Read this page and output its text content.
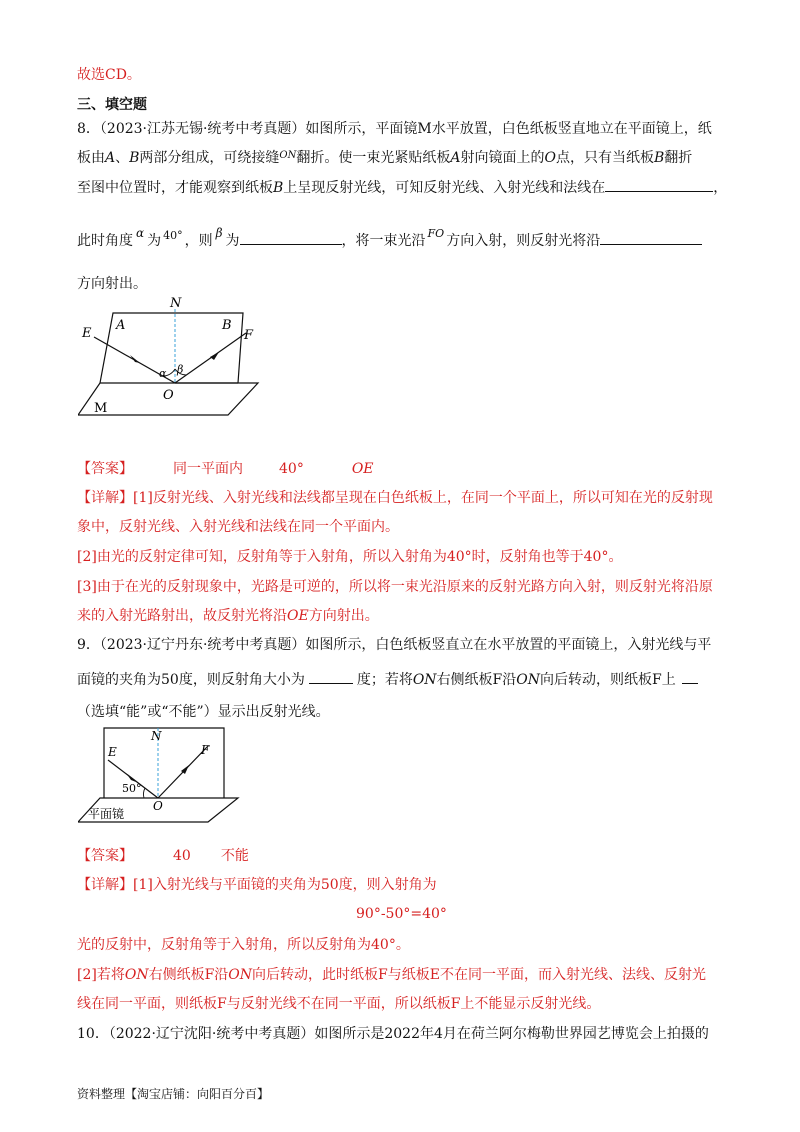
故选CD。
三、填空题
8．（2023·江苏无锡·统考中考真题）如图所示，平面镜M水平放置，白色纸板竖直地立在平面镜上，纸
板由A、B两部分组成，可绕接缝$^{ON}$翻折。使一束光紧贴纸板A射向镜面上的O点，只有当纸板B翻折
至图中位置时，才能观察到纸板B上呈现反射光线，可知反射光线、入射光线和法线在	，
此时角度 α 为 $^{40^\circ}$ ，则 β 为	，将一束光沿 $^{FO}$ 方向入射，则反射光将沿
方向射出。
N
E
A	B
F
O
M
α β
【答案】	同一平面内	40°	OE
【详解】[1]反射光线、入射光线和法线都呈现在白色纸板上，在同一个平面上，所以可知在光的反射现
象中，反射光线、入射光线和法线在同一个平面内。
[2]由光的反射定律可知，反射角等于入射角，所以入射角为40°时，反射角也等于40°。
[3]由于在光的反射现象中，光路是可逆的，所以将一束光沿原来的反射光路方向入射，则反射光将沿原
来的入射光路射出，故反射光将沿OE方向射出。
9．（2023·辽宁丹东·统考中考真题）如图所示，白色纸板竖直立在水平放置的平面镜上，入射光线与平
面镜的夹角为50度，则反射角大小为	度；若将ON右侧纸板F沿ON向后转动，则纸板F上
（选填“能”或“不能”）显示出反射光线。
N
E	F
O
50°
平面镜
【答案】	40 不能
【详解】[1]入射光线与平面镜的夹角为50度，则入射角为
90°-50°=40°
光的反射中，反射角等于入射角，所以反射角为40°。
[2]若将ON右侧纸板F沿ON向后转动，此时纸板F与纸板E不在同一平面，而入射光线、法线、反射光
线在同一平面，则纸板F与反射光线不在同一平面，所以纸板F上不能显示反射光线。
10．（2022·辽宁沈阳·统考中考真题）如图所示是2022年4月在荷兰阿尔梅勒世界园艺博览会上拍摄的
资料整理【淘宝店铺：向阳百分百】
